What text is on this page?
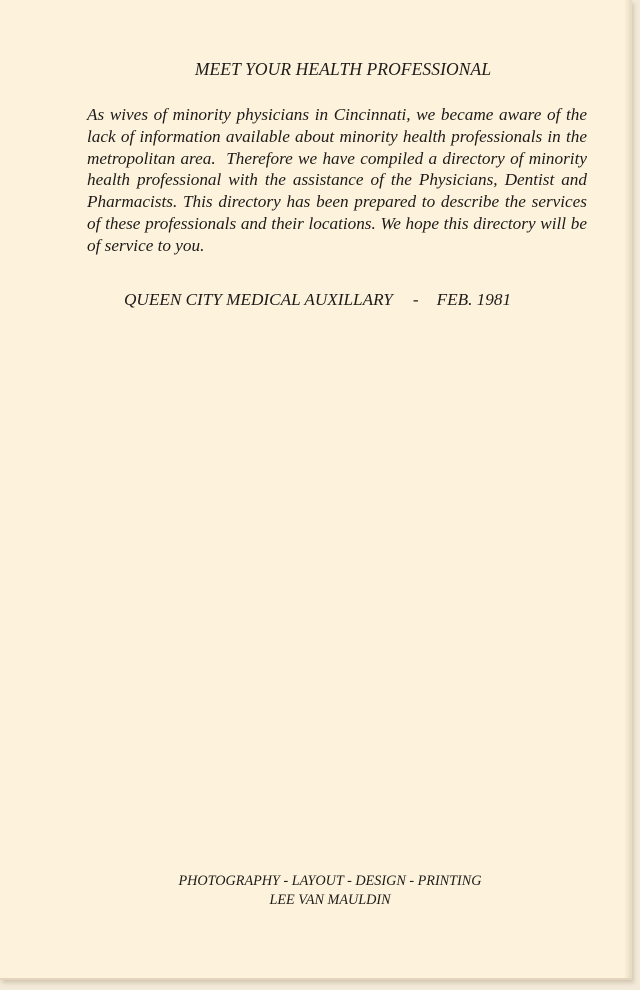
MEET YOUR HEALTH PROFESSIONAL

As wives of minority physicians in Cincinnati, we became aware of the lack of information available about minority health professionals in the metropolitan area.  Therefore we have compiled a directory of minority health professional with the assistance of the Physicians, Dentist and Pharmacists. This directory has been prepared to describe the services of these professionals and their locations. We hope this directory will be of service to you.

QUEEN CITY MEDICAL AUXILLARY - FEB. 1981
PHOTOGRAPHY - LAYOUT - DESIGN - PRINTING
LEE VAN MAULDIN
